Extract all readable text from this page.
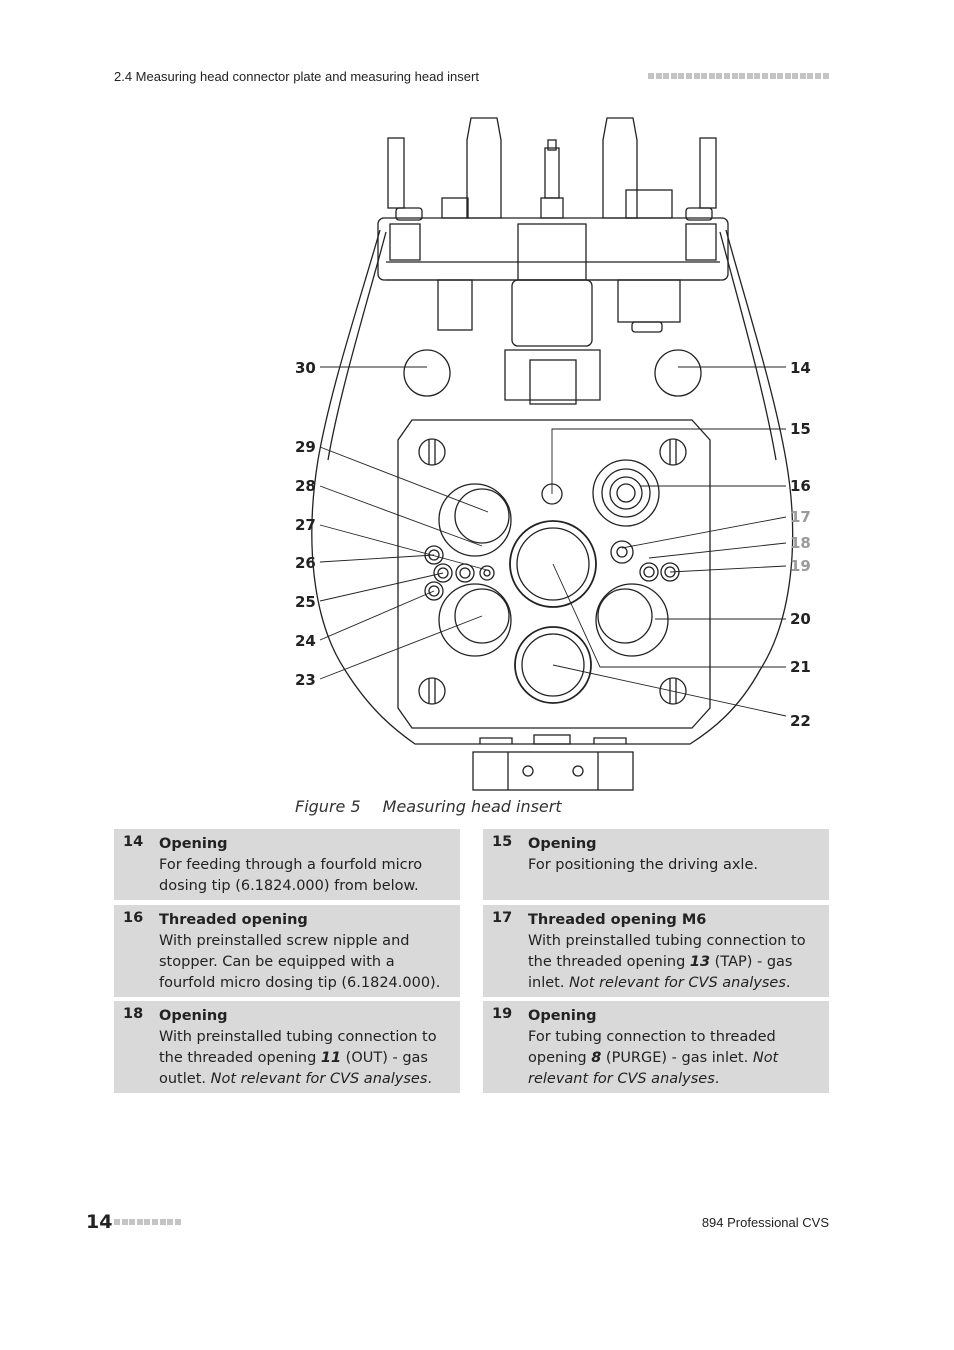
2.4 Measuring head connector plate and measuring head insert
30
29
28
27
26
25
24
23
14
15
16
17
18
19
20
21
22
Figure 5 Measuring head insert
14 Opening
For feeding through a fourfold micro dosing tip (6.1824.000) from below.
15 Opening
For positioning the driving axle.
16 Threaded opening
With preinstalled screw nipple and stopper. Can be equipped with a fourfold micro dosing tip (6.1824.000).
17 Threaded opening M6
With preinstalled tubing connection to the threaded opening 13 (TAP) - gas inlet. Not relevant for CVS analyses.
18 Opening
With preinstalled tubing connection to the threaded opening 11 (OUT) - gas outlet. Not relevant for CVS analyses.
19 Opening
For tubing connection to threaded opening 8 (PURGE) - gas inlet. Not relevant for CVS analyses.
14	894 Professional CVS
